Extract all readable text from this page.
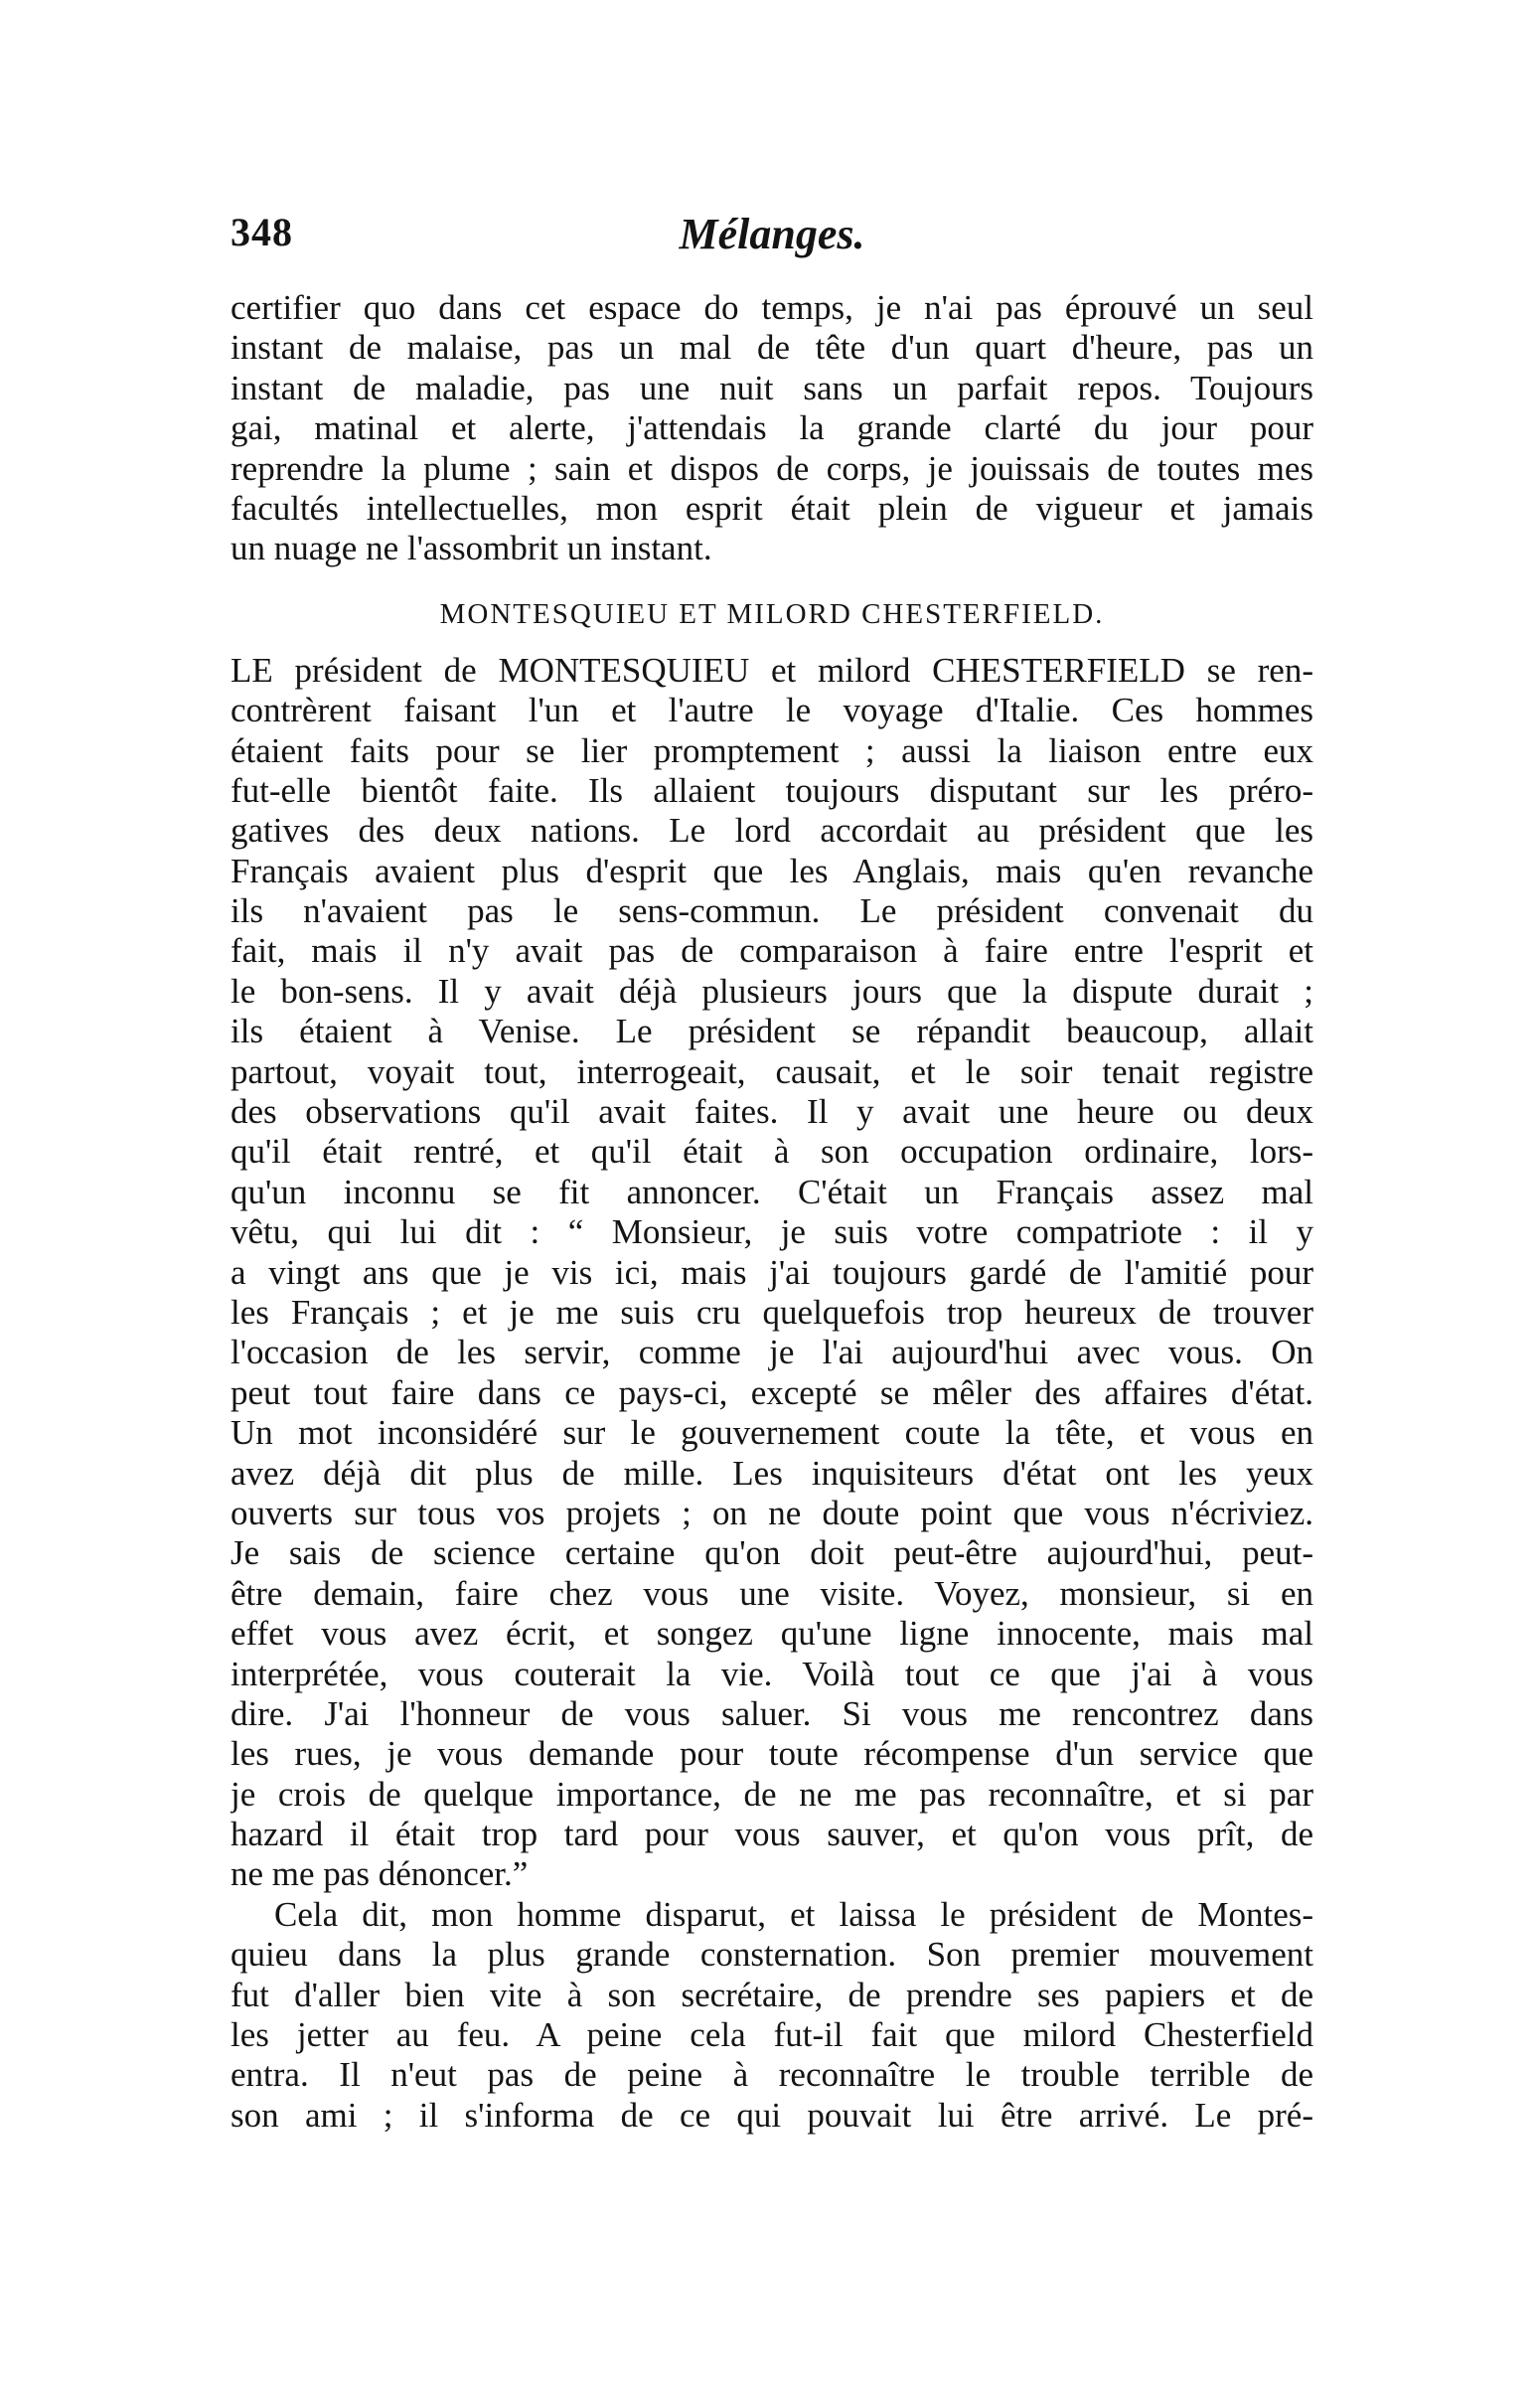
348	Mélanges.
certifier quo dans cet espace do temps, je n'ai pas éprouvé un seul
instant de malaise, pas un mal de tête d'un quart d'heure, pas un
instant de maladie, pas une nuit sans un parfait repos. Toujours
gai, matinal et alerte, j'attendais la grande clarté du jour pour
reprendre la plume ; sain et dispos de corps, je jouissais de toutes mes
facultés intellectuelles, mon esprit était plein de vigueur et jamais
un nuage ne l'assombrit un instant.
MONTESQUIEU ET MILORD CHESTERFIELD.
LE président de MONTESQUIEU et milord CHESTERFIELD se ren-
contrèrent faisant l'un et l'autre le voyage d'Italie. Ces hommes
étaient faits pour se lier promptement ; aussi la liaison entre eux
fut-elle bientôt faite. Ils allaient toujours disputant sur les préro-
gatives des deux nations. Le lord accordait au président que les
Français avaient plus d'esprit que les Anglais, mais qu'en revanche
ils n'avaient pas le sens-commun. Le président convenait du
fait, mais il n'y avait pas de comparaison à faire entre l'esprit et
le bon-sens. Il y avait déjà plusieurs jours que la dispute durait ;
ils étaient à Venise. Le président se répandit beaucoup, allait
partout, voyait tout, interrogeait, causait, et le soir tenait registre
des observations qu'il avait faites. Il y avait une heure ou deux
qu'il était rentré, et qu'il était à son occupation ordinaire, lors-
qu'un inconnu se fit annoncer. C'était un Français assez mal
vêtu, qui lui dit : “ Monsieur, je suis votre compatriote : il y
a vingt ans que je vis ici, mais j'ai toujours gardé de l'amitié pour
les Français ; et je me suis cru quelquefois trop heureux de trouver
l'occasion de les servir, comme je l'ai aujourd'hui avec vous. On
peut tout faire dans ce pays-ci, excepté se mêler des affaires d'état.
Un mot inconsidéré sur le gouvernement coute la tête, et vous en
avez déjà dit plus de mille. Les inquisiteurs d'état ont les yeux
ouverts sur tous vos projets ; on ne doute point que vous n'écriviez.
Je sais de science certaine qu'on doit peut-être aujourd'hui, peut-
être demain, faire chez vous une visite. Voyez, monsieur, si en
effet vous avez écrit, et songez qu'une ligne innocente, mais mal
interprétée, vous couterait la vie. Voilà tout ce que j'ai à vous
dire. J'ai l'honneur de vous saluer. Si vous me rencontrez dans
les rues, je vous demande pour toute récompense d'un service que
je crois de quelque importance, de ne me pas reconnaître, et si par
hazard il était trop tard pour vous sauver, et qu'on vous prît, de
ne me pas dénoncer.”
Cela dit, mon homme disparut, et laissa le président de Montes-
quieu dans la plus grande consternation. Son premier mouvement
fut d'aller bien vite à son secrétaire, de prendre ses papiers et de
les jetter au feu. A peine cela fut-il fait que milord Chesterfield
entra. Il n'eut pas de peine à reconnaître le trouble terrible de
son ami ; il s'informa de ce qui pouvait lui être arrivé. Le pré-
